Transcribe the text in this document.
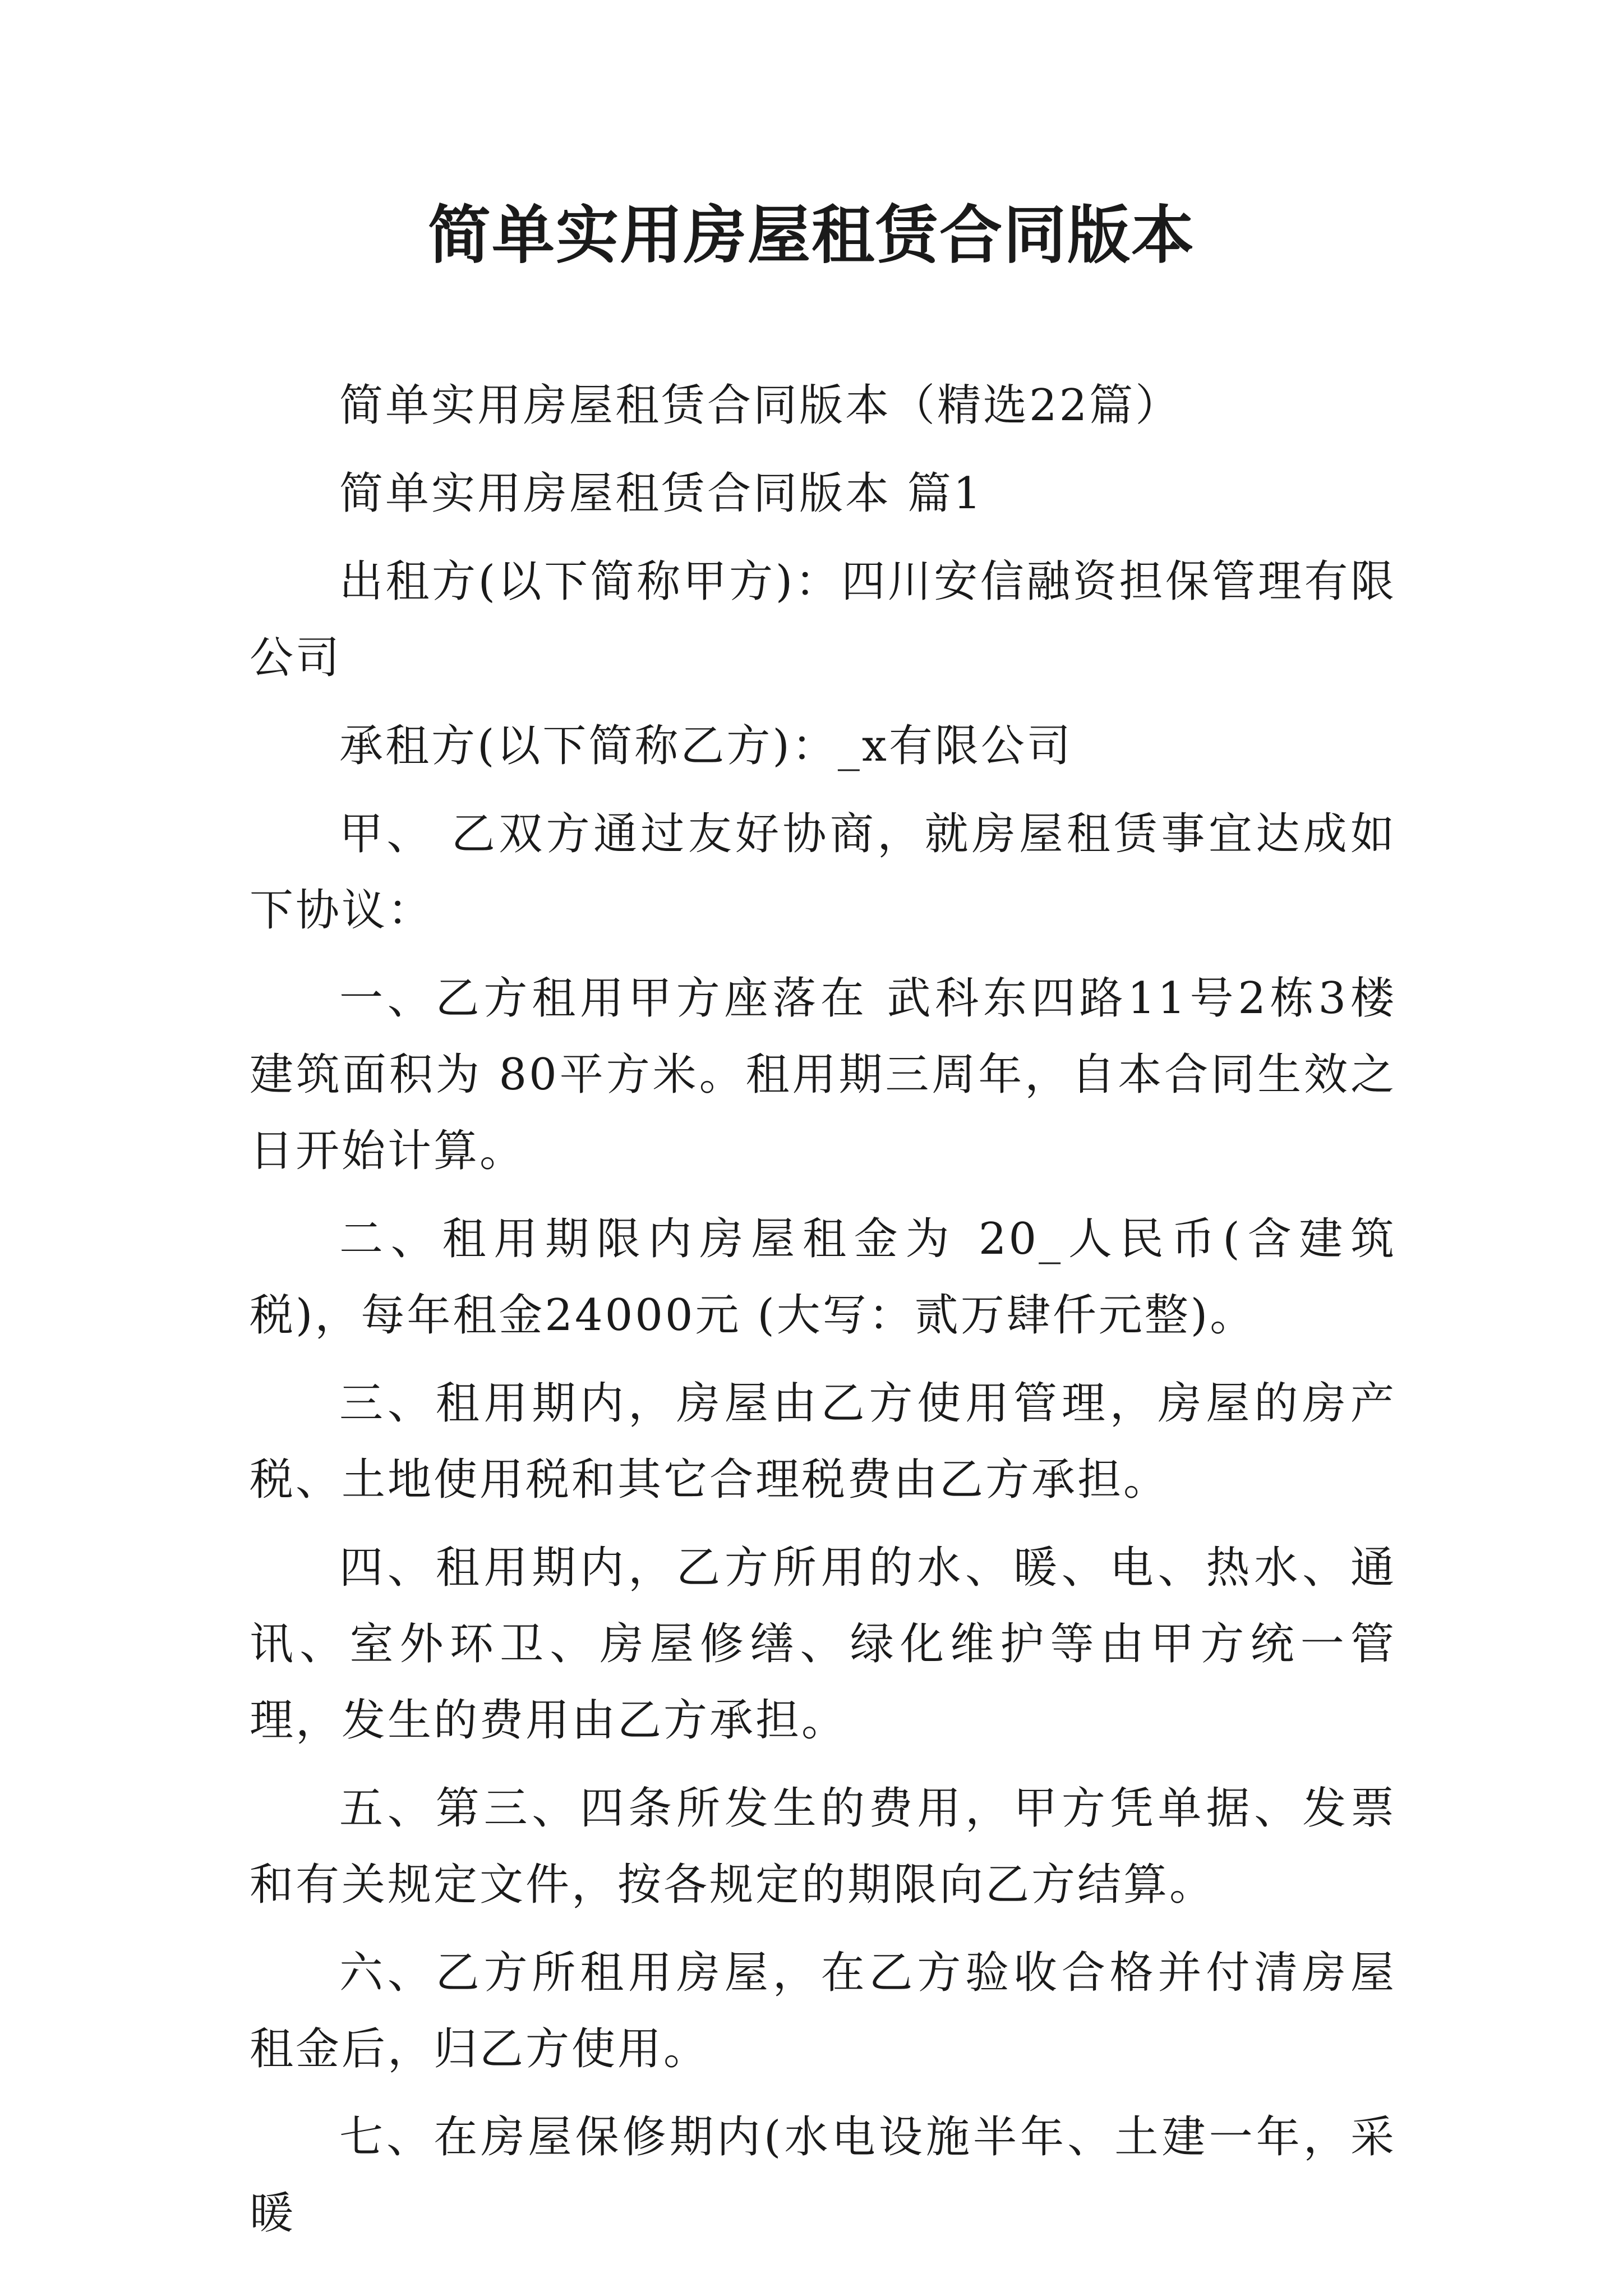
简单实用房屋租赁合同版本

简单实用房屋租赁合同版本（精选22篇）

简单实用房屋租赁合同版本 篇1

出租方(以下简称甲方)：四川安信融资担保管理有限公司

承租方(以下简称乙方)：_x有限公司

甲、 乙双方通过友好协商，就房屋租赁事宜达成如下协议：

一、乙方租用甲方座落在 武科东四路11号2栋3楼 建筑面积为 80平方米。租用期三周年，自本合同生效之日开始计算。

二、租用期限内房屋租金为 20_人民币(含建筑税)，每年租金24000元 (大写：贰万肆仟元整)。

三、租用期内，房屋由乙方使用管理，房屋的房产税、土地使用税和其它合理税费由乙方承担。

四、租用期内，乙方所用的水、暖、电、热水、通讯、室外环卫、房屋修缮、绿化维护等由甲方统一管理，发生的费用由乙方承担。

五、第三、四条所发生的费用，甲方凭单据、发票和有关规定文件，按各规定的期限向乙方结算。

六、乙方所租用房屋，在乙方验收合格并付清房屋租金后，归乙方使用。

七、在房屋保修期内(水电设施半年、土建一年，采暖
